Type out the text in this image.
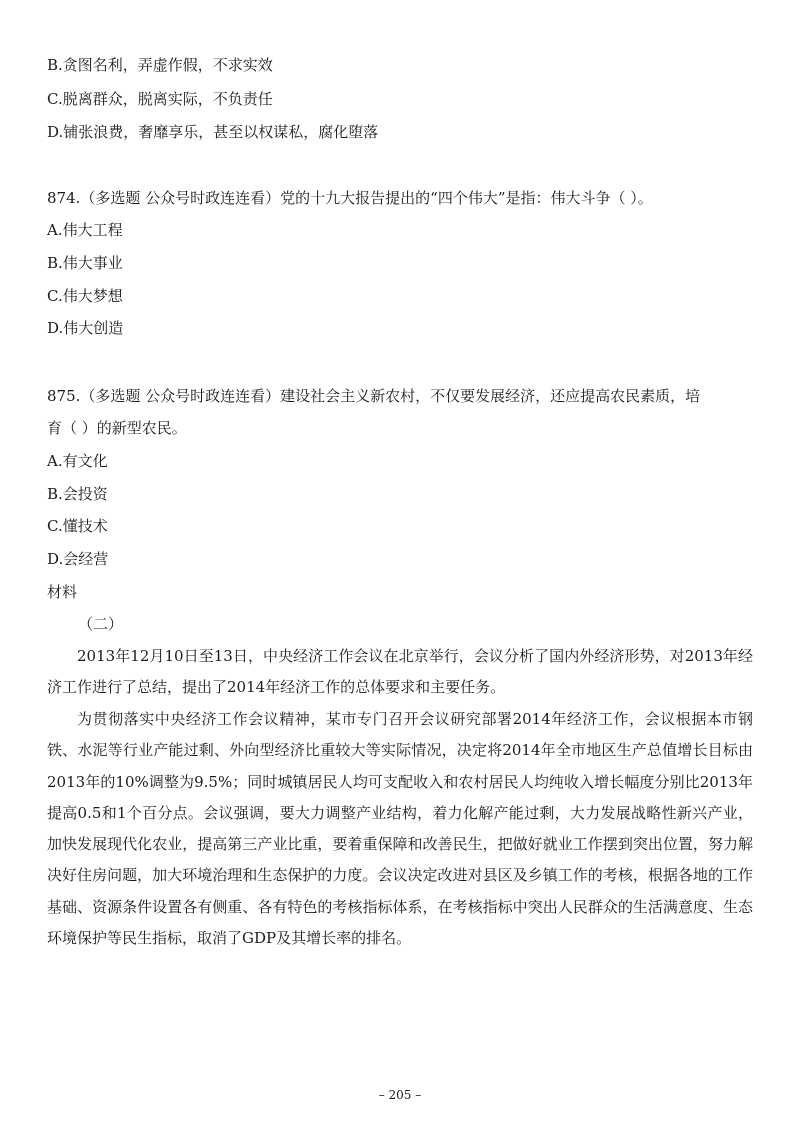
B.贪图名利，弄虚作假，不求实效
C.脱离群众，脱离实际，不负责任
D.铺张浪费，奢靡享乐，甚至以权谋私，腐化堕落
874.（多选题 公众号时政连连看）党的十九大报告提出的“四个伟大”是指：伟大斗争（ ）。
A.伟大工程
B.伟大事业
C.伟大梦想
D.伟大创造
875.（多选题 公众号时政连连看）建设社会主义新农村，不仅要发展经济，还应提高农民素质，培
育（ ）的新型农民。
A.有文化
B.会投资
C.懂技术
D.会经营
材料
（二）
2013年12月10日至13日，中央经济工作会议在北京举行，会议分析了国内外经济形势，对2013年经济工作进行了总结，提出了2014年经济工作的总体要求和主要任务。
为贯彻落实中央经济工作会议精神，某市专门召开会议研究部署2014年经济工作，会议根据本市钢铁、水泥等行业产能过剩、外向型经济比重较大等实际情况，决定将2014年全市地区生产总值增长目标由2013年的10%调整为9.5%；同时城镇居民人均可支配收入和农村居民人均纯收入增长幅度分别比2013年提高0.5和1个百分点。会议强调，要大力调整产业结构，着力化解产能过剩，大力发展战略性新兴产业，加快发展现代化农业，提高第三产业比重，要着重保障和改善民生，把做好就业工作摆到突出位置，努力解决好住房问题，加大环境治理和生态保护的力度。会议决定改进对县区及乡镇工作的考核，根据各地的工作基础、资源条件设置各有侧重、各有特色的考核指标体系，在考核指标中突出人民群众的生活满意度、生态环境保护等民生指标，取消了GDP及其增长率的排名。
– 205 –
